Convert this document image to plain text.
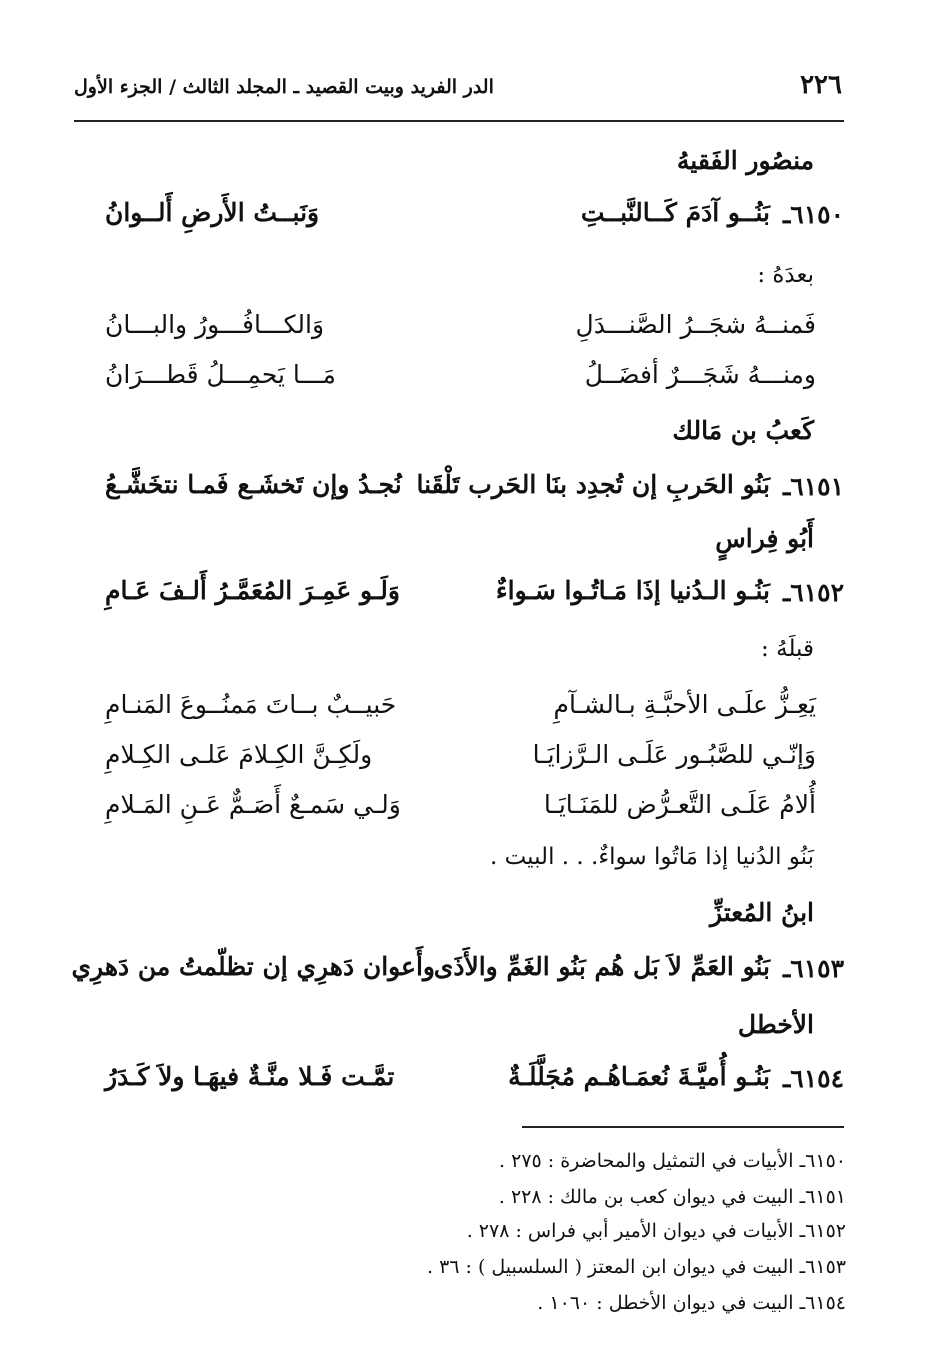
٢٢٦
الدر الفريد وبيت القصيد ـ المجلد الثالث / الجزء الأول
منصُور الفَقيهُ
٦١٥٠ـ
بَنُــو آدَمَ كَــالنَّبــتِ
وَنَبــتُ الأَرضِ أَلــوانُ
بعدَهُ :
فَمنــهُ شجَــرُ الصَّنـــدَلِ
وَالكـــافُـــورُ والبـــانُ
ومنـــهُ شَجَـــرٌ أفضَــلُ
مَـــا يَحمِـــلُ قَطـــرَانُ
كَعبُ بن مَالك
٦١٥١ـ
بَنُو الحَربِ إن تُجدِد بنَا الحَرب تَلْقَنا
نُجـدُ وإن تَخشَـع فَمـا نتخَشَّـعُ
أَبُو فِراسٍ
٦١٥٢ـ
بَنُـو الـدُنيا إذَا مَـاتُـوا سَـواءٌ
وَلَـو عَمِـرَ المُعَمَّـرُ أَلـفَ عَـامِ
قبلَهُ :
يَعِـزُّ علَـى الأحبَّـةِ بـالشـآمِ
حَبيــبٌ بــاتَ مَمنُــوعَ المَنـامِ
وَإنّـي للصَّبُـور عَلَـى الـرَّزايَـا
ولَكِـنَّ الكِـلامَ عَلـى الكِـلامِ
أُلامُ عَلَـى التَّعـرُّض للمَنَـايَـا
وَلـي سَمـعٌ أَصَـمٌّ عَـنِ المَـلامِ
بَنُو الدُنيا إذا مَاتُوا سواءٌ. . . البيت .
ابنُ المُعتزِّ
٦١٥٣ـ
بَنُو العَمِّ لاَ بَل هُم بَنُو الغَمِّ والأَذَى
وأَعوان دَهرِي إن تظلّمتُ من دَهرِي
الأخطل
٦١٥٤ـ
بَنُـو أُميَّـةَ نُعمَـاهُـم مُجَلَّلَـةٌ
تمَّـت فَـلا منَّـةٌ فيهَـا ولاَ كَـدَرُ
٦١٥٠ـ الأبيات في التمثيل والمحاضرة : ٢٧٥ .
٦١٥١ـ البيت في ديوان كعب بن مالك : ٢٢٨ .
٦١٥٢ـ الأبيات في ديوان الأمير أبي فراس : ٢٧٨ .
٦١٥٣ـ البيت في ديوان ابن المعتز ( السلسبيل ) : ٣٦ .
٦١٥٤ـ البيت في ديوان الأخطل : ١٠٦٠ .
